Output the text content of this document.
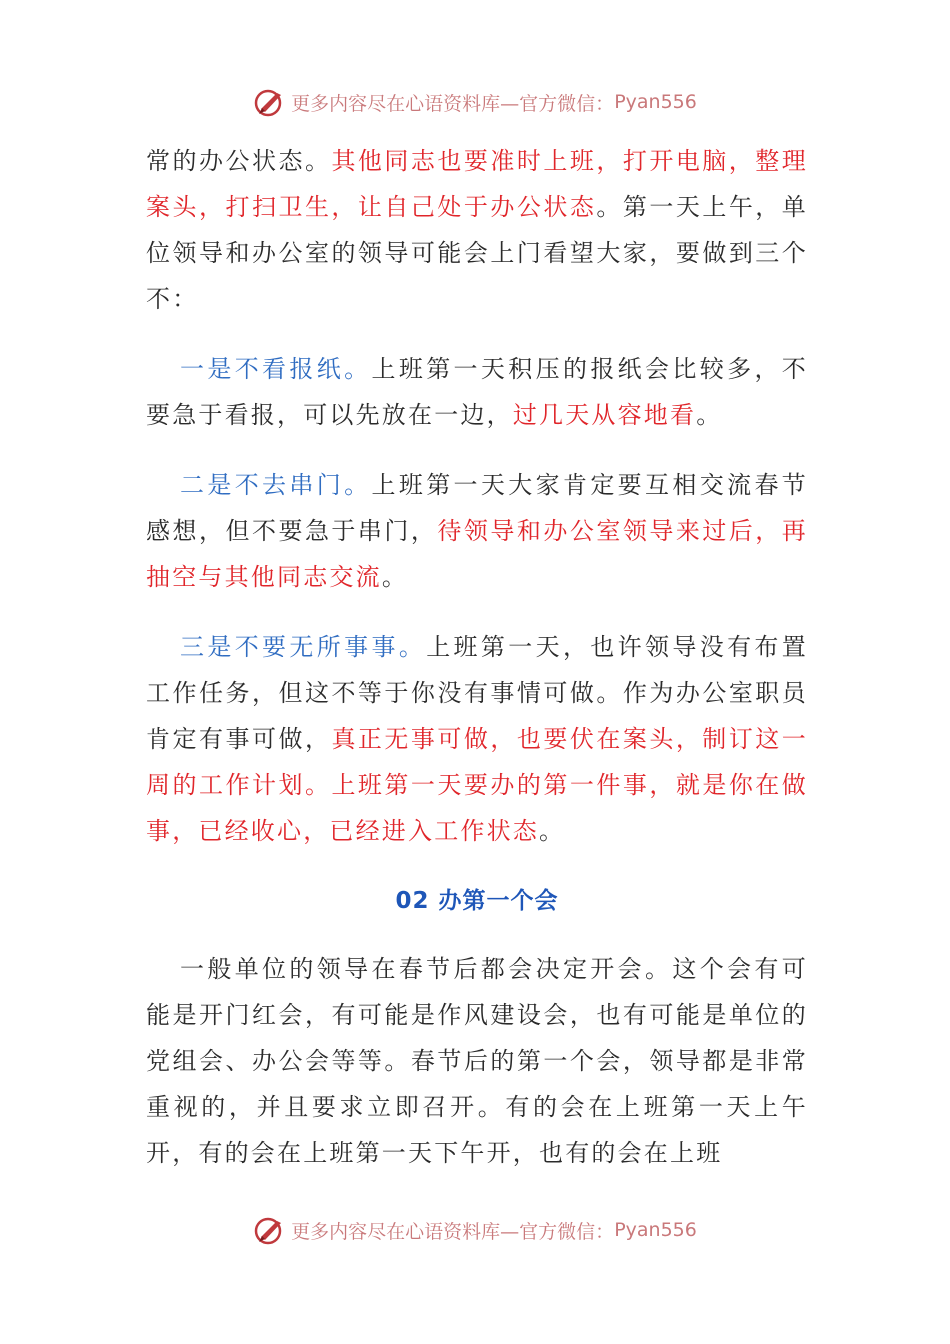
更多内容尽在心语资料库— 官方微信： Pyan556

常的办公状态。其他同志也要准时上班，打开电脑，整理案头，打扫卫生，让自己处于办公状态。第一天上午，单位领导和办公室的领导可能会上门看望大家，要做到三个不：

一是不看报纸。上班第一天积压的报纸会比较多，不要急于看报，可以先放在一边，过几天从容地看。

二是不去串门。上班第一天大家肯定要互相交流春节感想，但不要急于串门，待领导和办公室领导来过后，再抽空与其他同志交流。

三是不要无所事事。上班第一天，也许领导没有布置工作任务，但这不等于你没有事情可做。作为办公室职员肯定有事可做，真正无事可做，也要伏在案头，制订这一周的工作计划。上班第一天要办的第一件事，就是你在做事，已经收心，已经进入工作状态。

02 办第一个会

一般单位的领导在春节后都会决定开会。这个会有可能是开门红会，有可能是作风建设会，也有可能是单位的党组会、办公会等等。春节后的第一个会，领导都是非常重视的，并且要求立即召开。有的会在上班第一天上午开，有的会在上班第一天下午开，也有的会在上班

更多内容尽在心语资料库— 官方微信： Pyan556
